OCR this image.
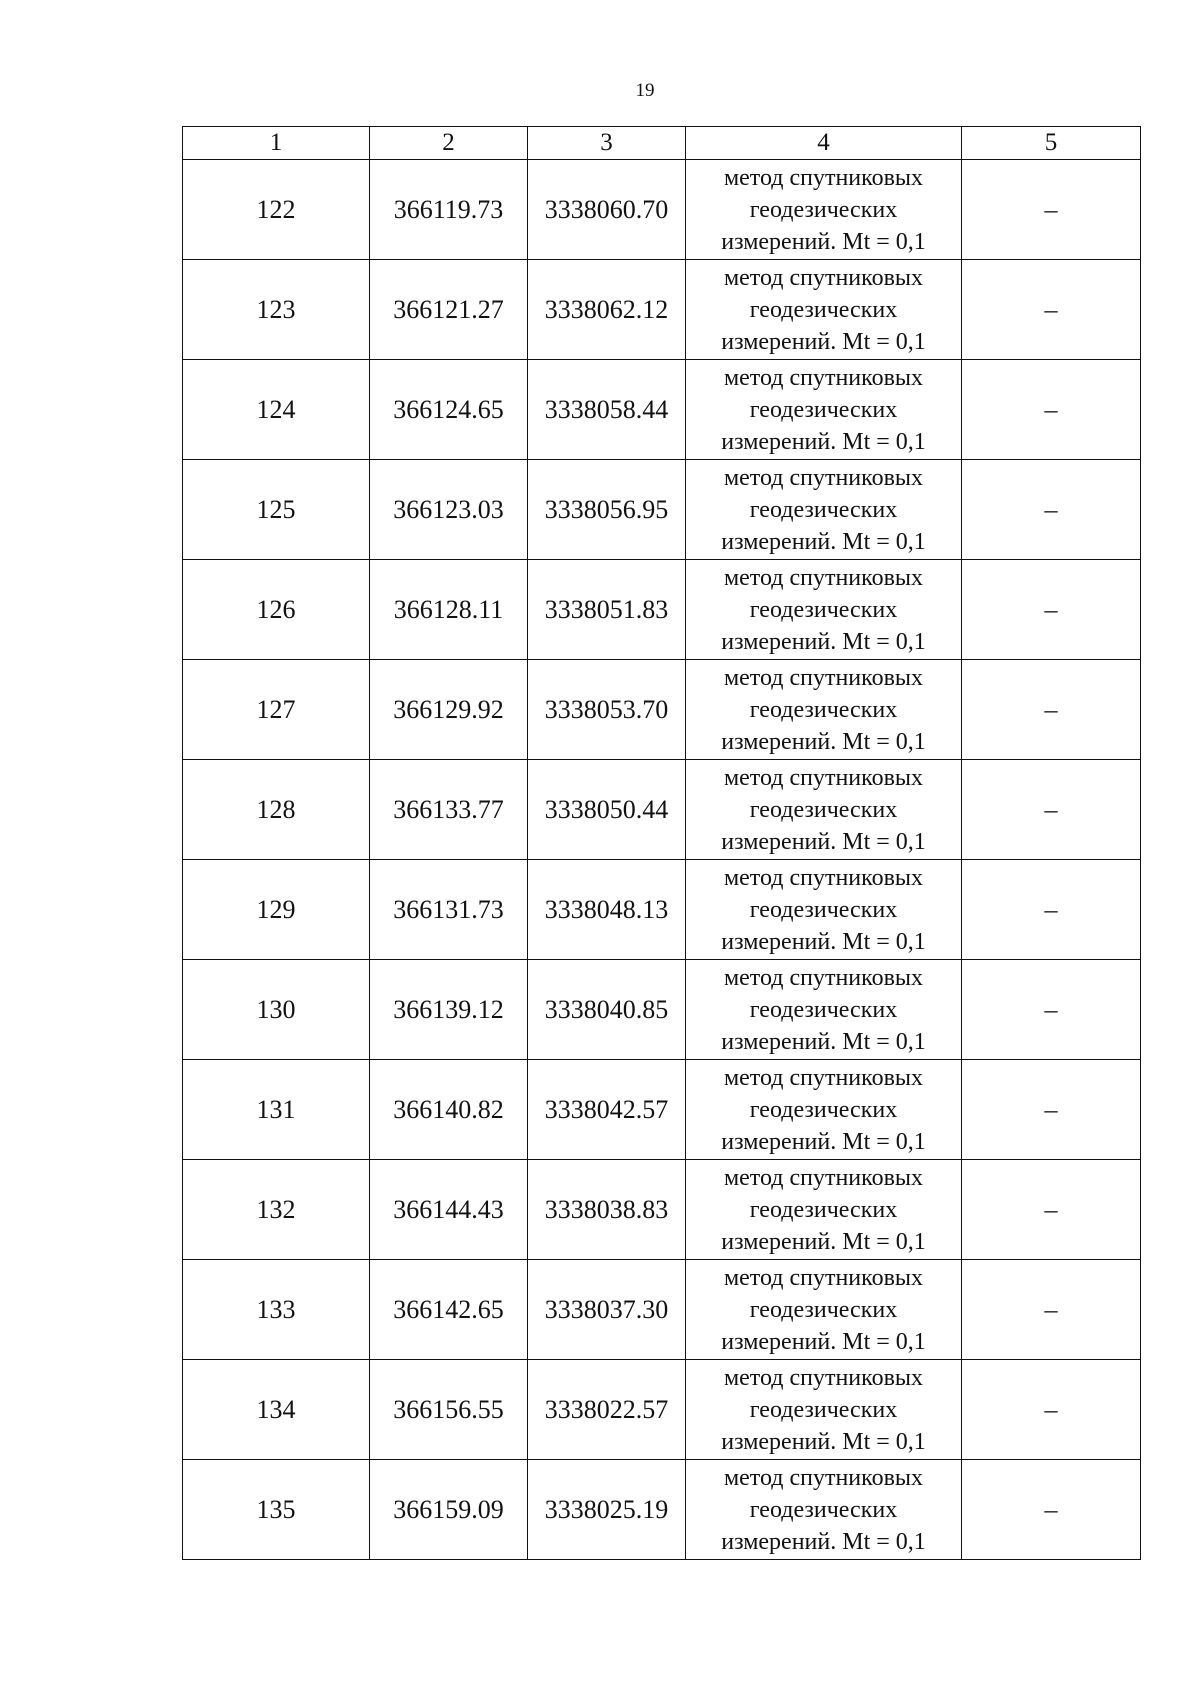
19
1	2	3	4	5
122	366119.73	3338060.70	метод спутниковых
геодезических
измерений. Mt = 0,1	–
123	366121.27	3338062.12	метод спутниковых
геодезических
измерений. Mt = 0,1	–
124	366124.65	3338058.44	метод спутниковых
геодезических
измерений. Mt = 0,1	–
125	366123.03	3338056.95	метод спутниковых
геодезических
измерений. Mt = 0,1	–
126	366128.11	3338051.83	метод спутниковых
геодезических
измерений. Mt = 0,1	–
127	366129.92	3338053.70	метод спутниковых
геодезических
измерений. Mt = 0,1	–
128	366133.77	3338050.44	метод спутниковых
геодезических
измерений. Mt = 0,1	–
129	366131.73	3338048.13	метод спутниковых
геодезических
измерений. Mt = 0,1	–
130	366139.12	3338040.85	метод спутниковых
геодезических
измерений. Mt = 0,1	–
131	366140.82	3338042.57	метод спутниковых
геодезических
измерений. Mt = 0,1	–
132	366144.43	3338038.83	метод спутниковых
геодезических
измерений. Mt = 0,1	–
133	366142.65	3338037.30	метод спутниковых
геодезических
измерений. Mt = 0,1	–
134	366156.55	3338022.57	метод спутниковых
геодезических
измерений. Mt = 0,1	–
135	366159.09	3338025.19	метод спутниковых
геодезических
измерений. Mt = 0,1	–
